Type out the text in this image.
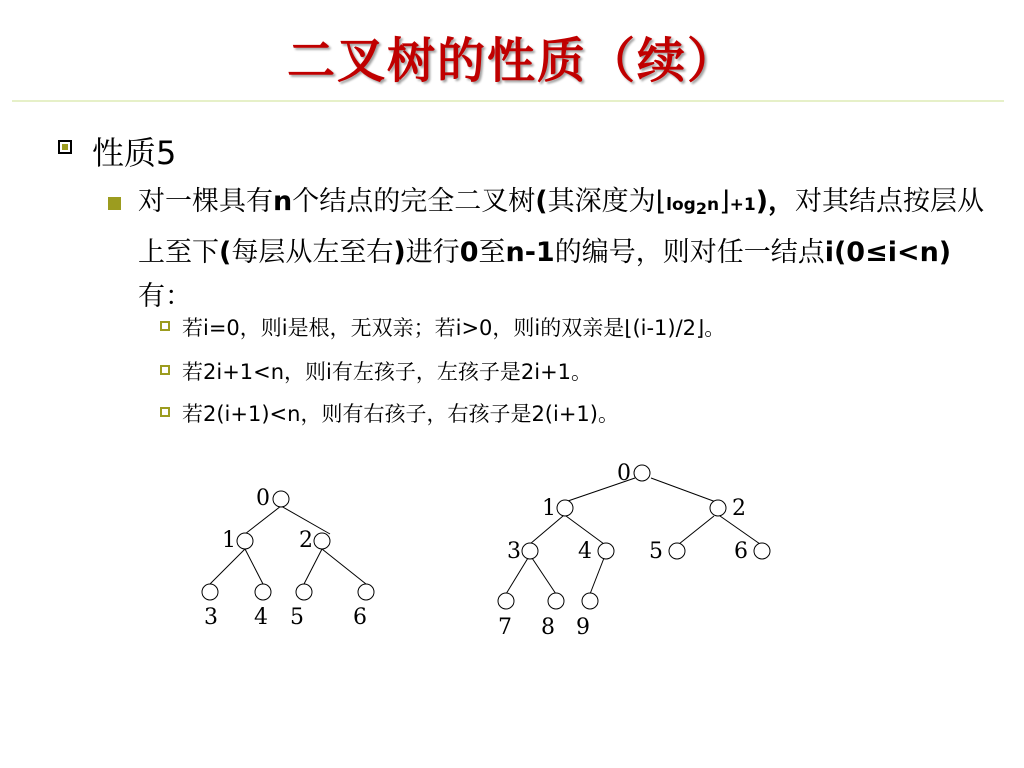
二叉树的性质（续）
性质5
对一棵具有n个结点的完全二叉树(其深度为$⌊\log_2n⌋+1$)，对其结点按层从上至下(每层从左至右)进行0至n-1的编号，则对任一结点i(0≤i<n)有：
若i=0，则i是根，无双亲；若i>0，则i的双亲是⌊(i-1)/2⌋。
若2i+1<n，则i有左孩子，左孩子是2i+1。
若2(i+1)<n，则有右孩子，右孩子是2(i+1)。
0
1	2
3 4 5 6
0
1	2
3	4	5	6
7 8 9
